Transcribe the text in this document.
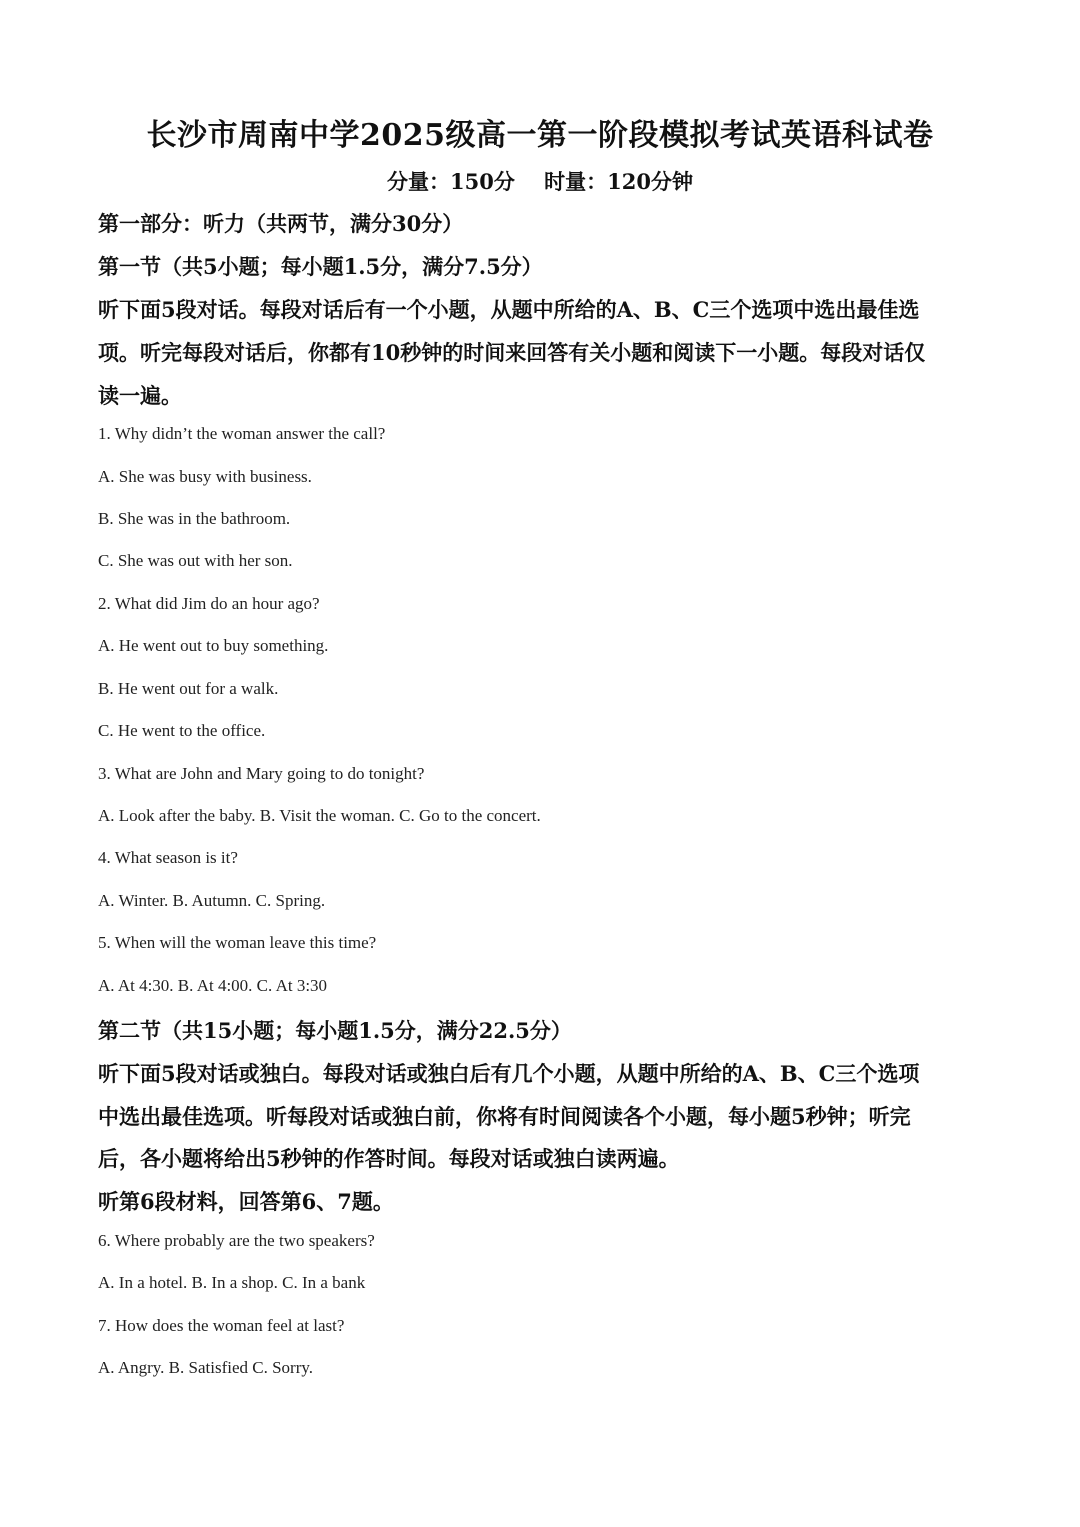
长沙市周南中学2025级高一第一阶段模拟考试英语科试卷
分量：150分    时量：120分钟
第一部分：听力（共两节，满分30分）
第一节（共5小题；每小题1.5分，满分7.5分）
听下面5段对话。每段对话后有一个小题，从题中所给的A、B、C三个选项中选出最佳选
项。听完每段对话后，你都有10秒钟的时间来回答有关小题和阅读下一小题。每段对话仅
读一遍。
1. Why didn’t the woman answer the call?
A. She was busy with business.
B. She was in the bathroom.
C. She was out with her son.
2. What did Jim do an hour ago?
A. He went out to buy something.
B. He went out for a walk.
C. He went to the office.
3. What are John and Mary going to do tonight?
A. Look after the baby. B. Visit the woman. C. Go to the concert.
4. What season is it?
A. Winter. B. Autumn. C. Spring.
5. When will the woman leave this time?
A. At 4:30. B. At 4:00. C. At 3:30
第二节（共15小题；每小题1.5分，满分22.5分）
听下面5段对话或独白。每段对话或独白后有几个小题，从题中所给的A、B、C三个选项
中选出最佳选项。听每段对话或独白前，你将有时间阅读各个小题，每小题5秒钟；听完
后，各小题将给出5秒钟的作答时间。每段对话或独白读两遍。
听第6段材料，回答第6、7题。
6. Where probably are the two speakers?
A. In a hotel. B. In a shop. C. In a bank
7. How does the woman feel at last?
A. Angry. B. Satisfied C. Sorry.
